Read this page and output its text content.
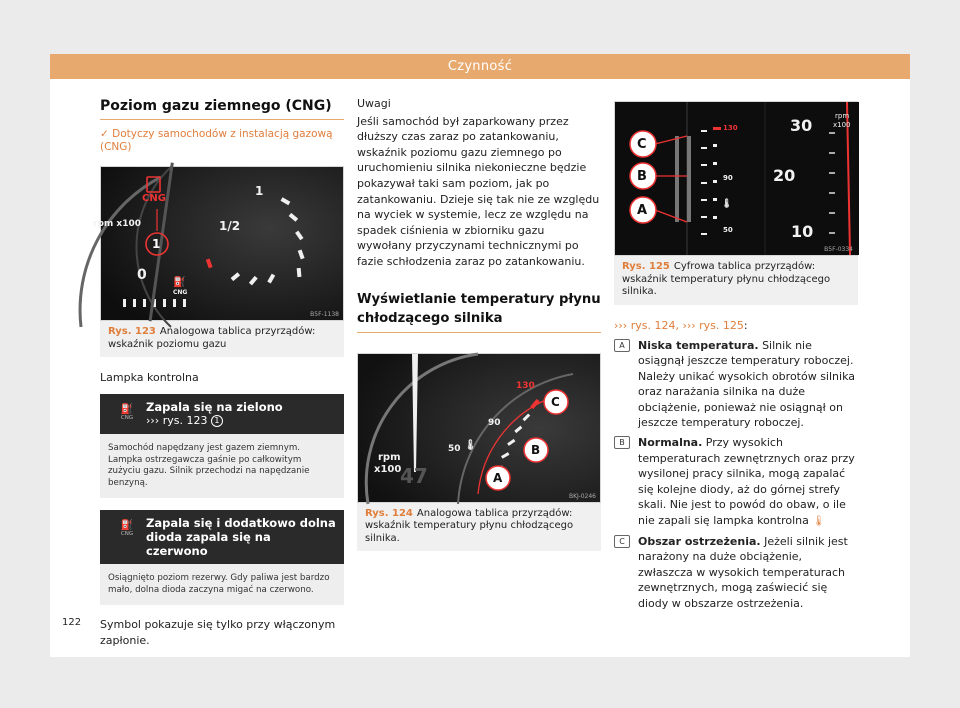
Czynność
Poziom gazu ziemnego (CNG)
✓ Dotyczy samochodów z instalacją gazową (CNG)
CNG
rpm x100
1
1
1/2
0	⛽
CNG
B5F-1138
Rys. 123 Analogowa tablica przyrządów: wskaźnik poziomu gazu
Lampka kontrolna
⛽
CNG
Zapala się na zielono
››› rys. 123 1
Samochód napędzany jest gazem ziemnym. Lampka ostrzegawcza gaśnie po całkowitym zużyciu gazu. Silnik przechodzi na napędzanie benzyną.
⛽
CNG
Zapala się i dodatkowo dolna dioda zapala się na czerwono
Osiągnięto poziom rezerwy. Gdy paliwa jest bardzo mało, dolna dioda zaczyna migać na czerwono.
Symbol pokazuje się tylko przy włączonym zapłonie.
Uwagi
Jeśli samochód był zaparkowany przez dłuższy czas zaraz po zatankowaniu, wskaźnik poziomu gazu ziemnego po uruchomieniu silnika niekonieczne będzie pokazywał taki sam poziom, jak po zatankowaniu. Dzieje się tak nie ze względu na wyciek w systemie, lecz ze względu na spadek ciśnienia w zbiorniku gazu wywołany przyczynami technicznymi po fazie schłodzenia zaraz po zatankowaniu.
Wyświetlanie temperatury płynu chłodzącego silnika
130
90
50 🌡
rpm
x100
47
C
B
A
BKJ-0246
Rys. 124 Analogowa tablica przyrządów: wskaźnik temperatury płynu chłodzącego silnika.
130
90
🌡
50
30
20
10
rpm
x100
C
B
A
B5F-0334
Rys. 125 Cyfrowa tablica przyrządów: wskaźnik temperatury płynu chłodzącego silnika.
››› rys. 124, ››› rys. 125:
A	Niska temperatura. Silnik nie osiągnął jeszcze temperatury roboczej. Należy unikać wysokich obrotów silnika oraz narażania silnika na duże obciążenie, ponieważ nie osiągnął on jeszcze temperatury roboczej.
B	Normalna. Przy wysokich temperaturach zewnętrznych oraz przy wysilonej pracy silnika, mogą zapalać się kolejne diody, aż do górnej strefy skali. Nie jest to powód do obaw, o ile nie zapali się lampka kontrolna 🌡
C	Obszar ostrzeżenia. Jeżeli silnik jest narażony na duże obciążenie, zwłaszcza w wysokich temperaturach zewnętrznych, mogą zaświecić się diody w obszarze ostrzeżenia.
122
